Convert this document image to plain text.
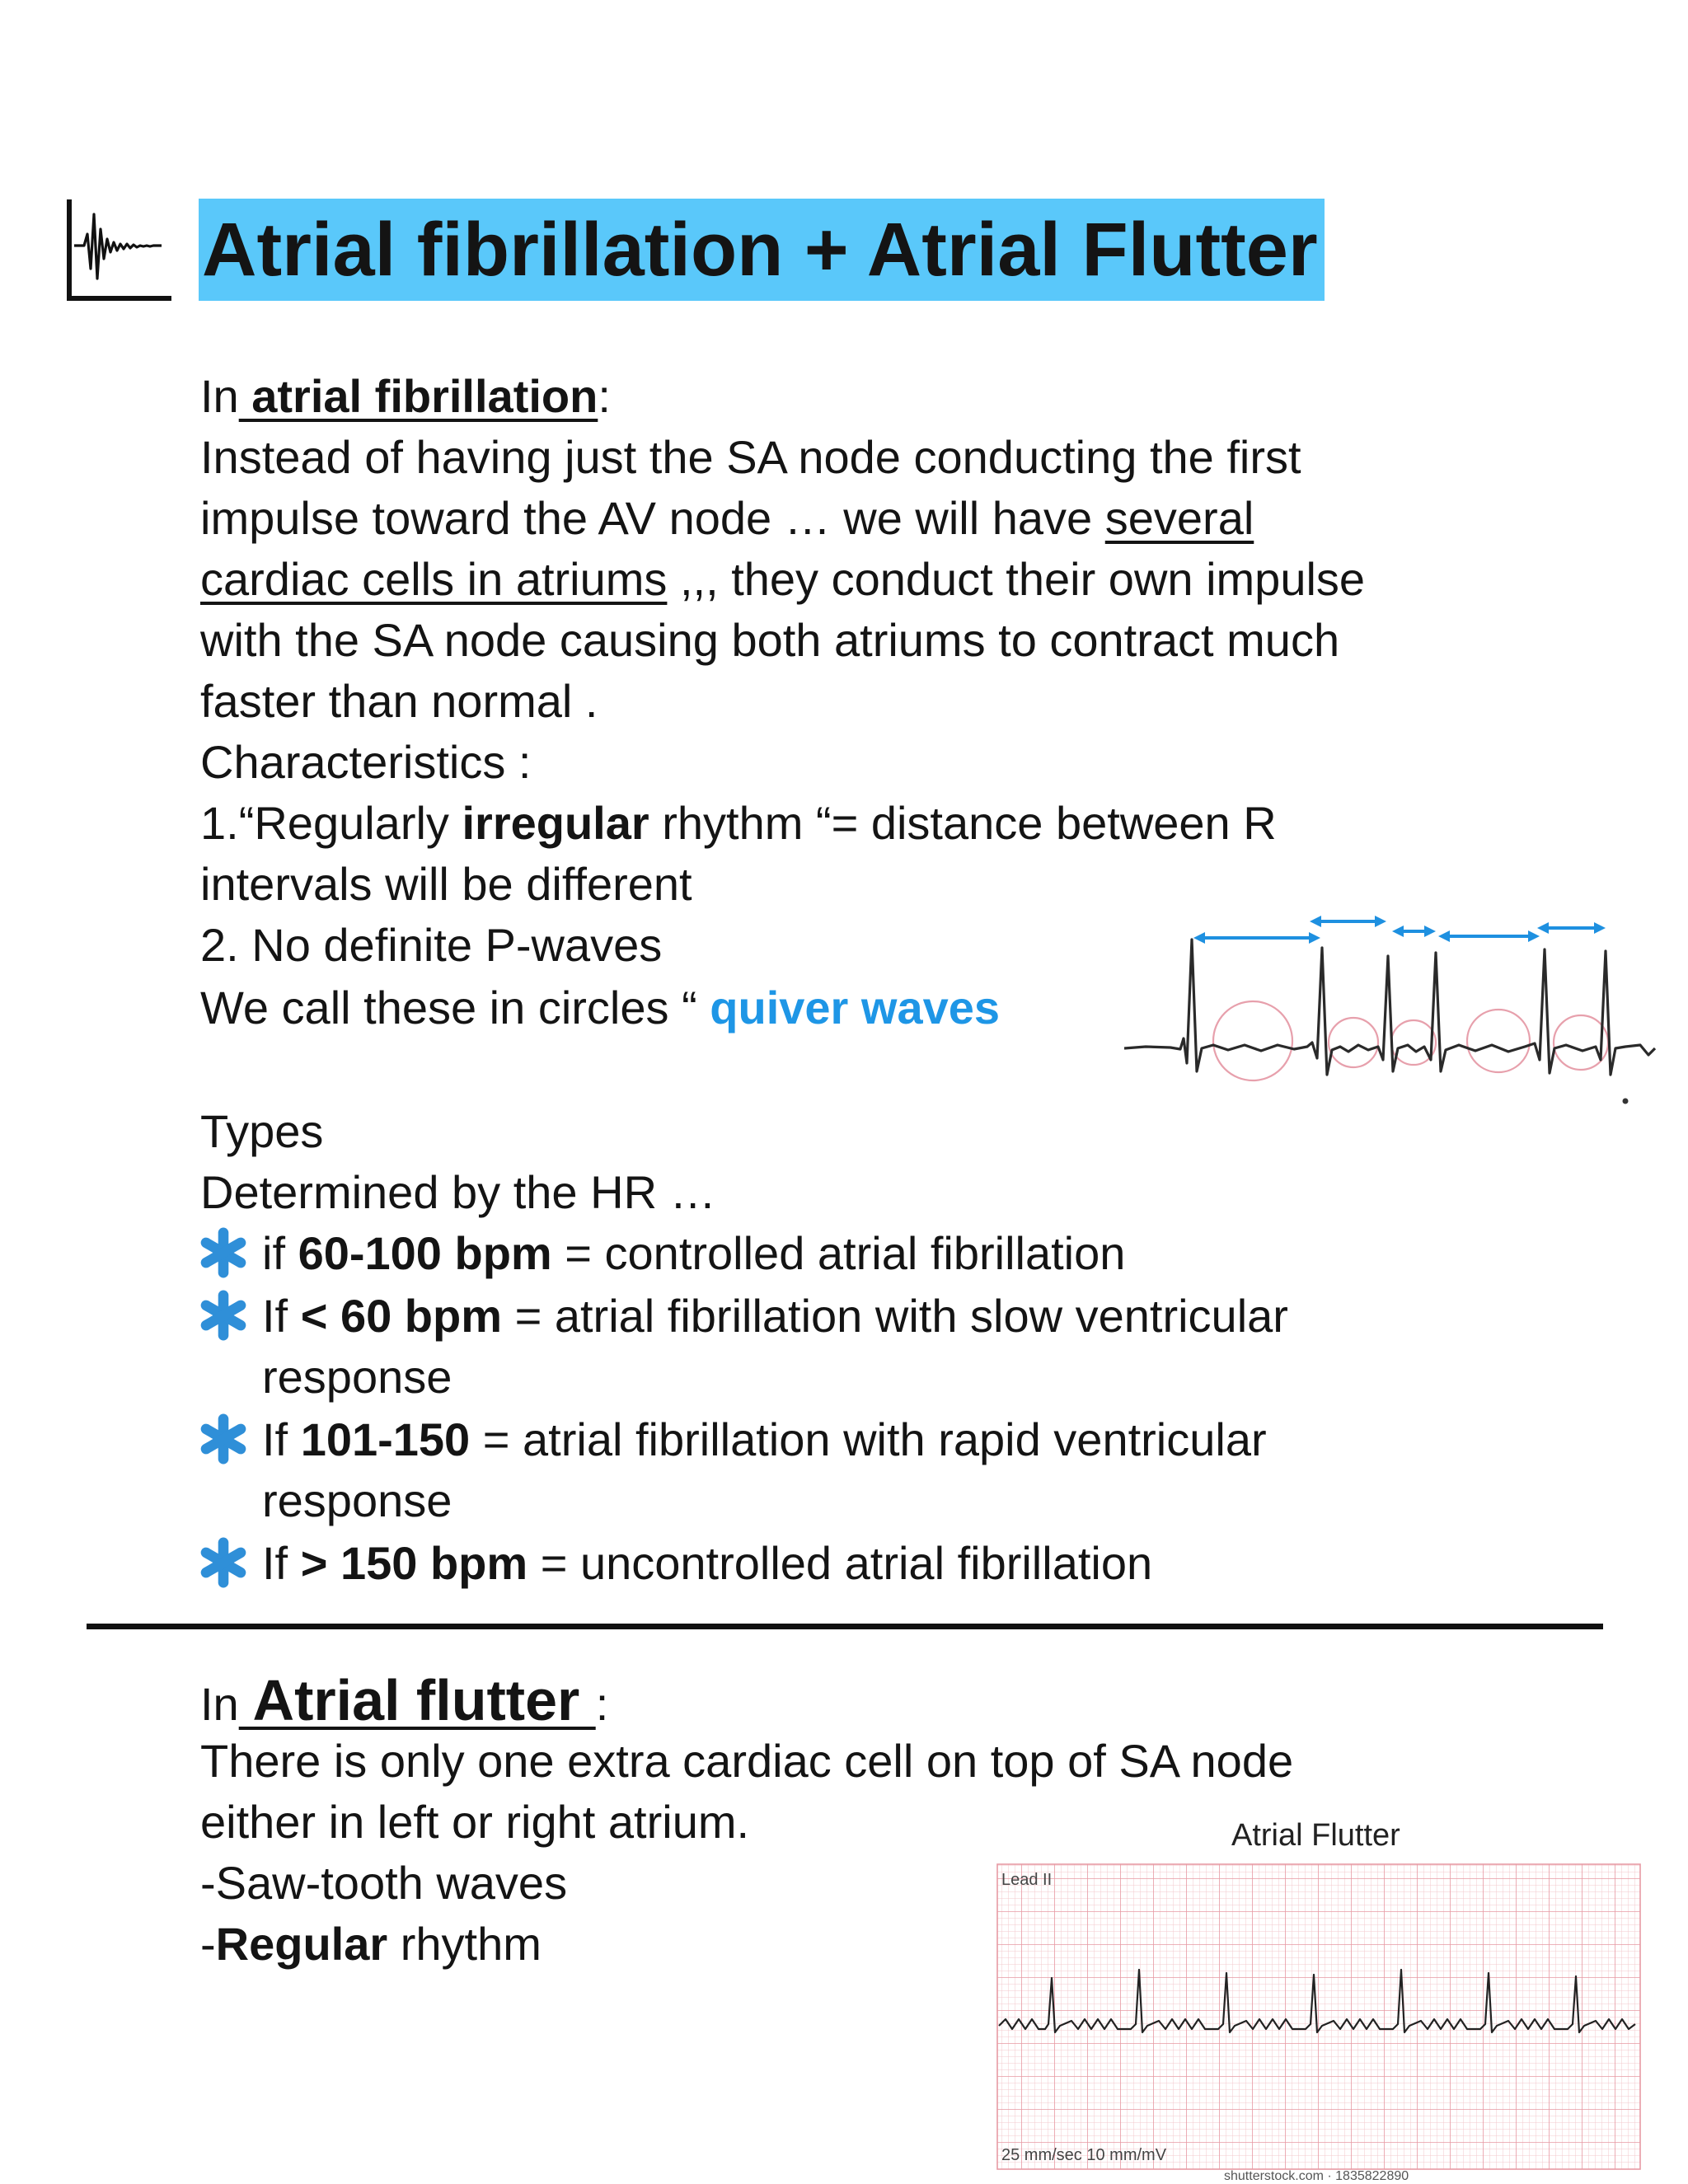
Atrial fibrillation + Atrial Flutter
In atrial fibrillation:
Instead of having just the SA node conducting the first
impulse toward the AV node … we will have several
cardiac cells in atriums ,,, they conduct their own impulse
with the SA node causing both atriums to contract much
faster than normal .
Characteristics :
1.“Regularly irregular rhythm “= distance between R
intervals will be different
2. No definite P-waves
We call these in circles “ quiver waves
Types
Determined by the HR …
if 60-100 bpm = controlled atrial fibrillation
If < 60 bpm = atrial fibrillation with slow ventricular
response
If 101-150 = atrial fibrillation with rapid ventricular
response
If > 150 bpm = uncontrolled atrial fibrillation
In Atrial flutter :
There is only one extra cardiac cell on top of SA node
either in left or right atrium.
-Saw-tooth waves
-Regular rhythm
Atrial Flutter
Lead II
25 mm/sec 10 mm/mV
shutterstock.com · 1835822890
